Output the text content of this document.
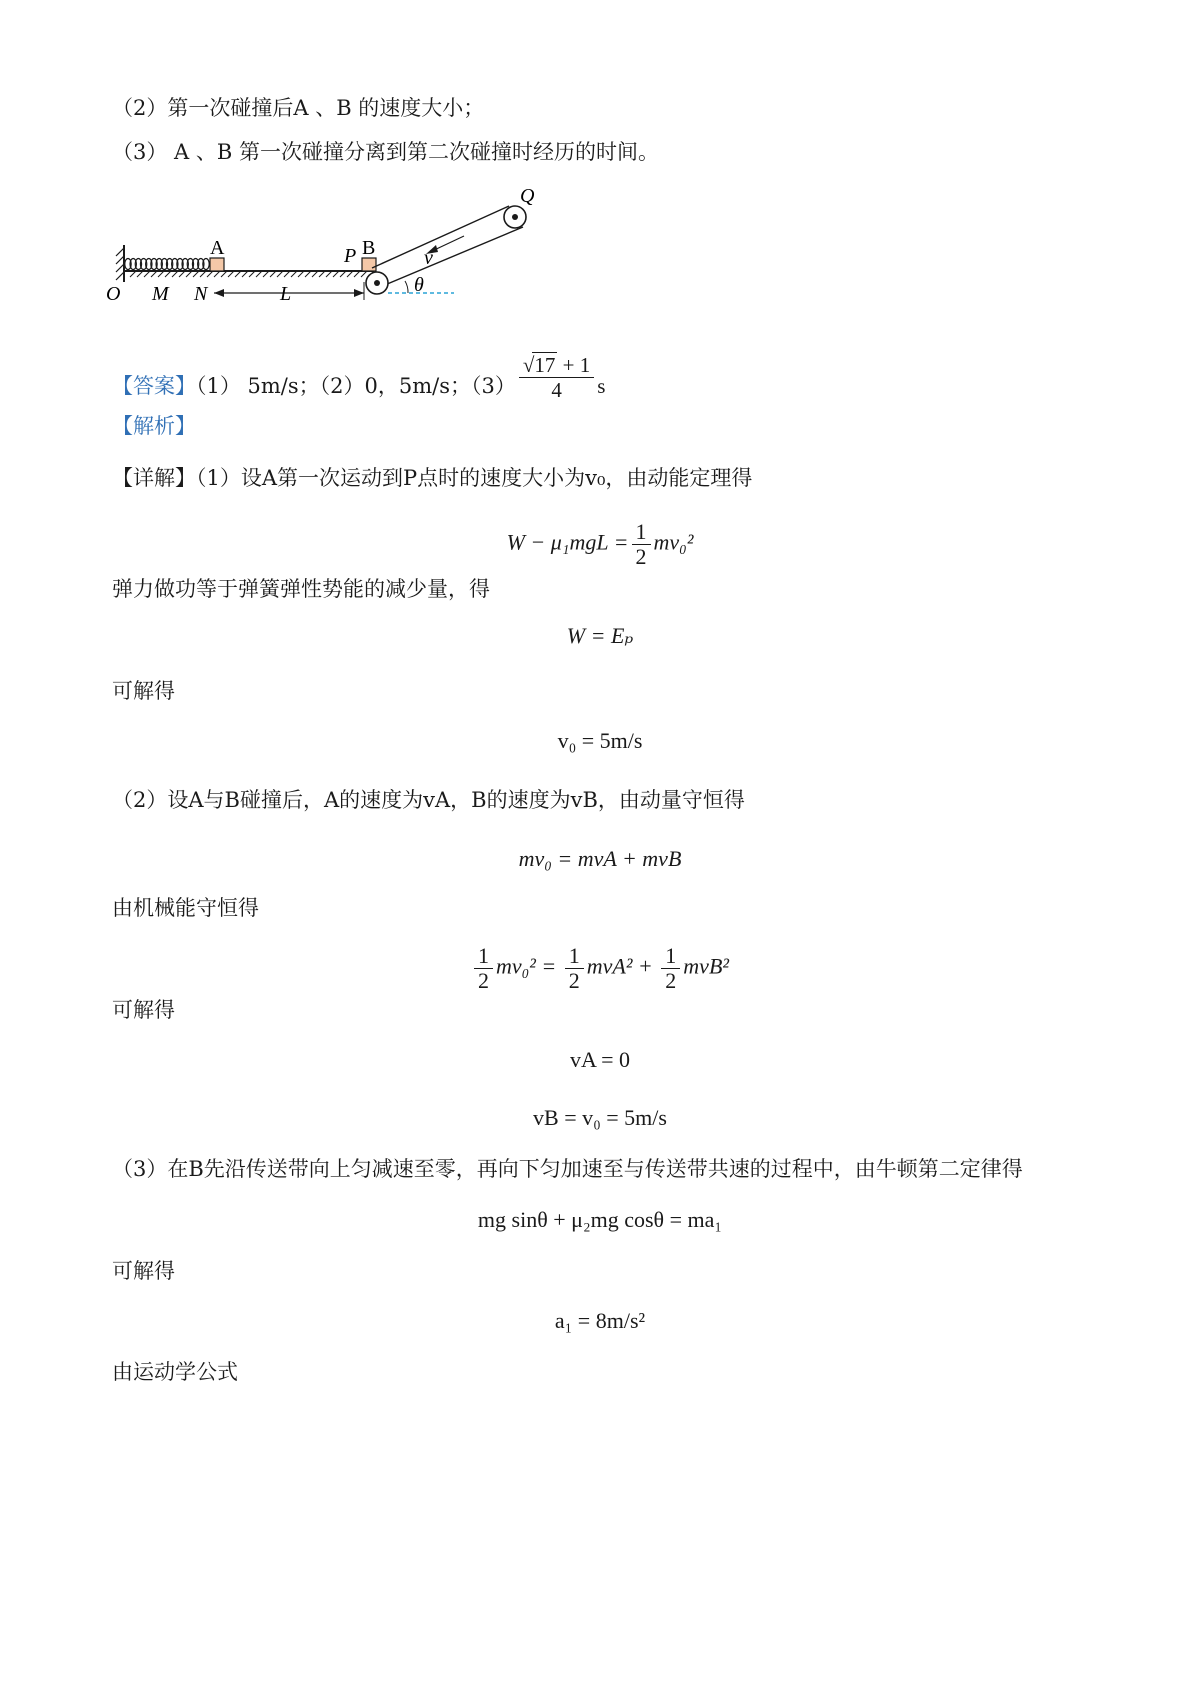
（2）第一次碰撞后A 、B 的速度大小；
（3） A 、B 第一次碰撞分离到第二次碰撞时经历的时间。
O M N	L
A	P B
Q
v
θ
【答案】（1） 5m/s；（2）0，5m/s；$(3) \frac{√17 + 1}{4}$ s
【解析】
【详解】（1）设A第一次运动到P点时的速度大小为v₀，由动能定理得
$W - \mu_1mgL = \frac{1}{2} mv_0^2$
弹力做功等于弹簧弹性势能的减少量，得
W = Eₚ
可解得
v₀ = 5m/s
（2）设A与B碰撞后，A的速度为vA，B的速度为vB，由动量守恒得
mv₀ = mvA + mvB
由机械能守恒得
$\frac{1}{2} mv_0^2 = \frac{1}{2} mvA^2 + \frac{1}{2} mvB^2$
可解得
vA = 0
vB = v₀ = 5m/s
（3）在B先沿传送带向上匀减速至零，再向下匀加速至与传送带共速的过程中，由牛顿第二定律得
mg sinθ + μ₂mg cosθ = ma₁
可解得
a₁ = 8m/s²
由运动学公式
